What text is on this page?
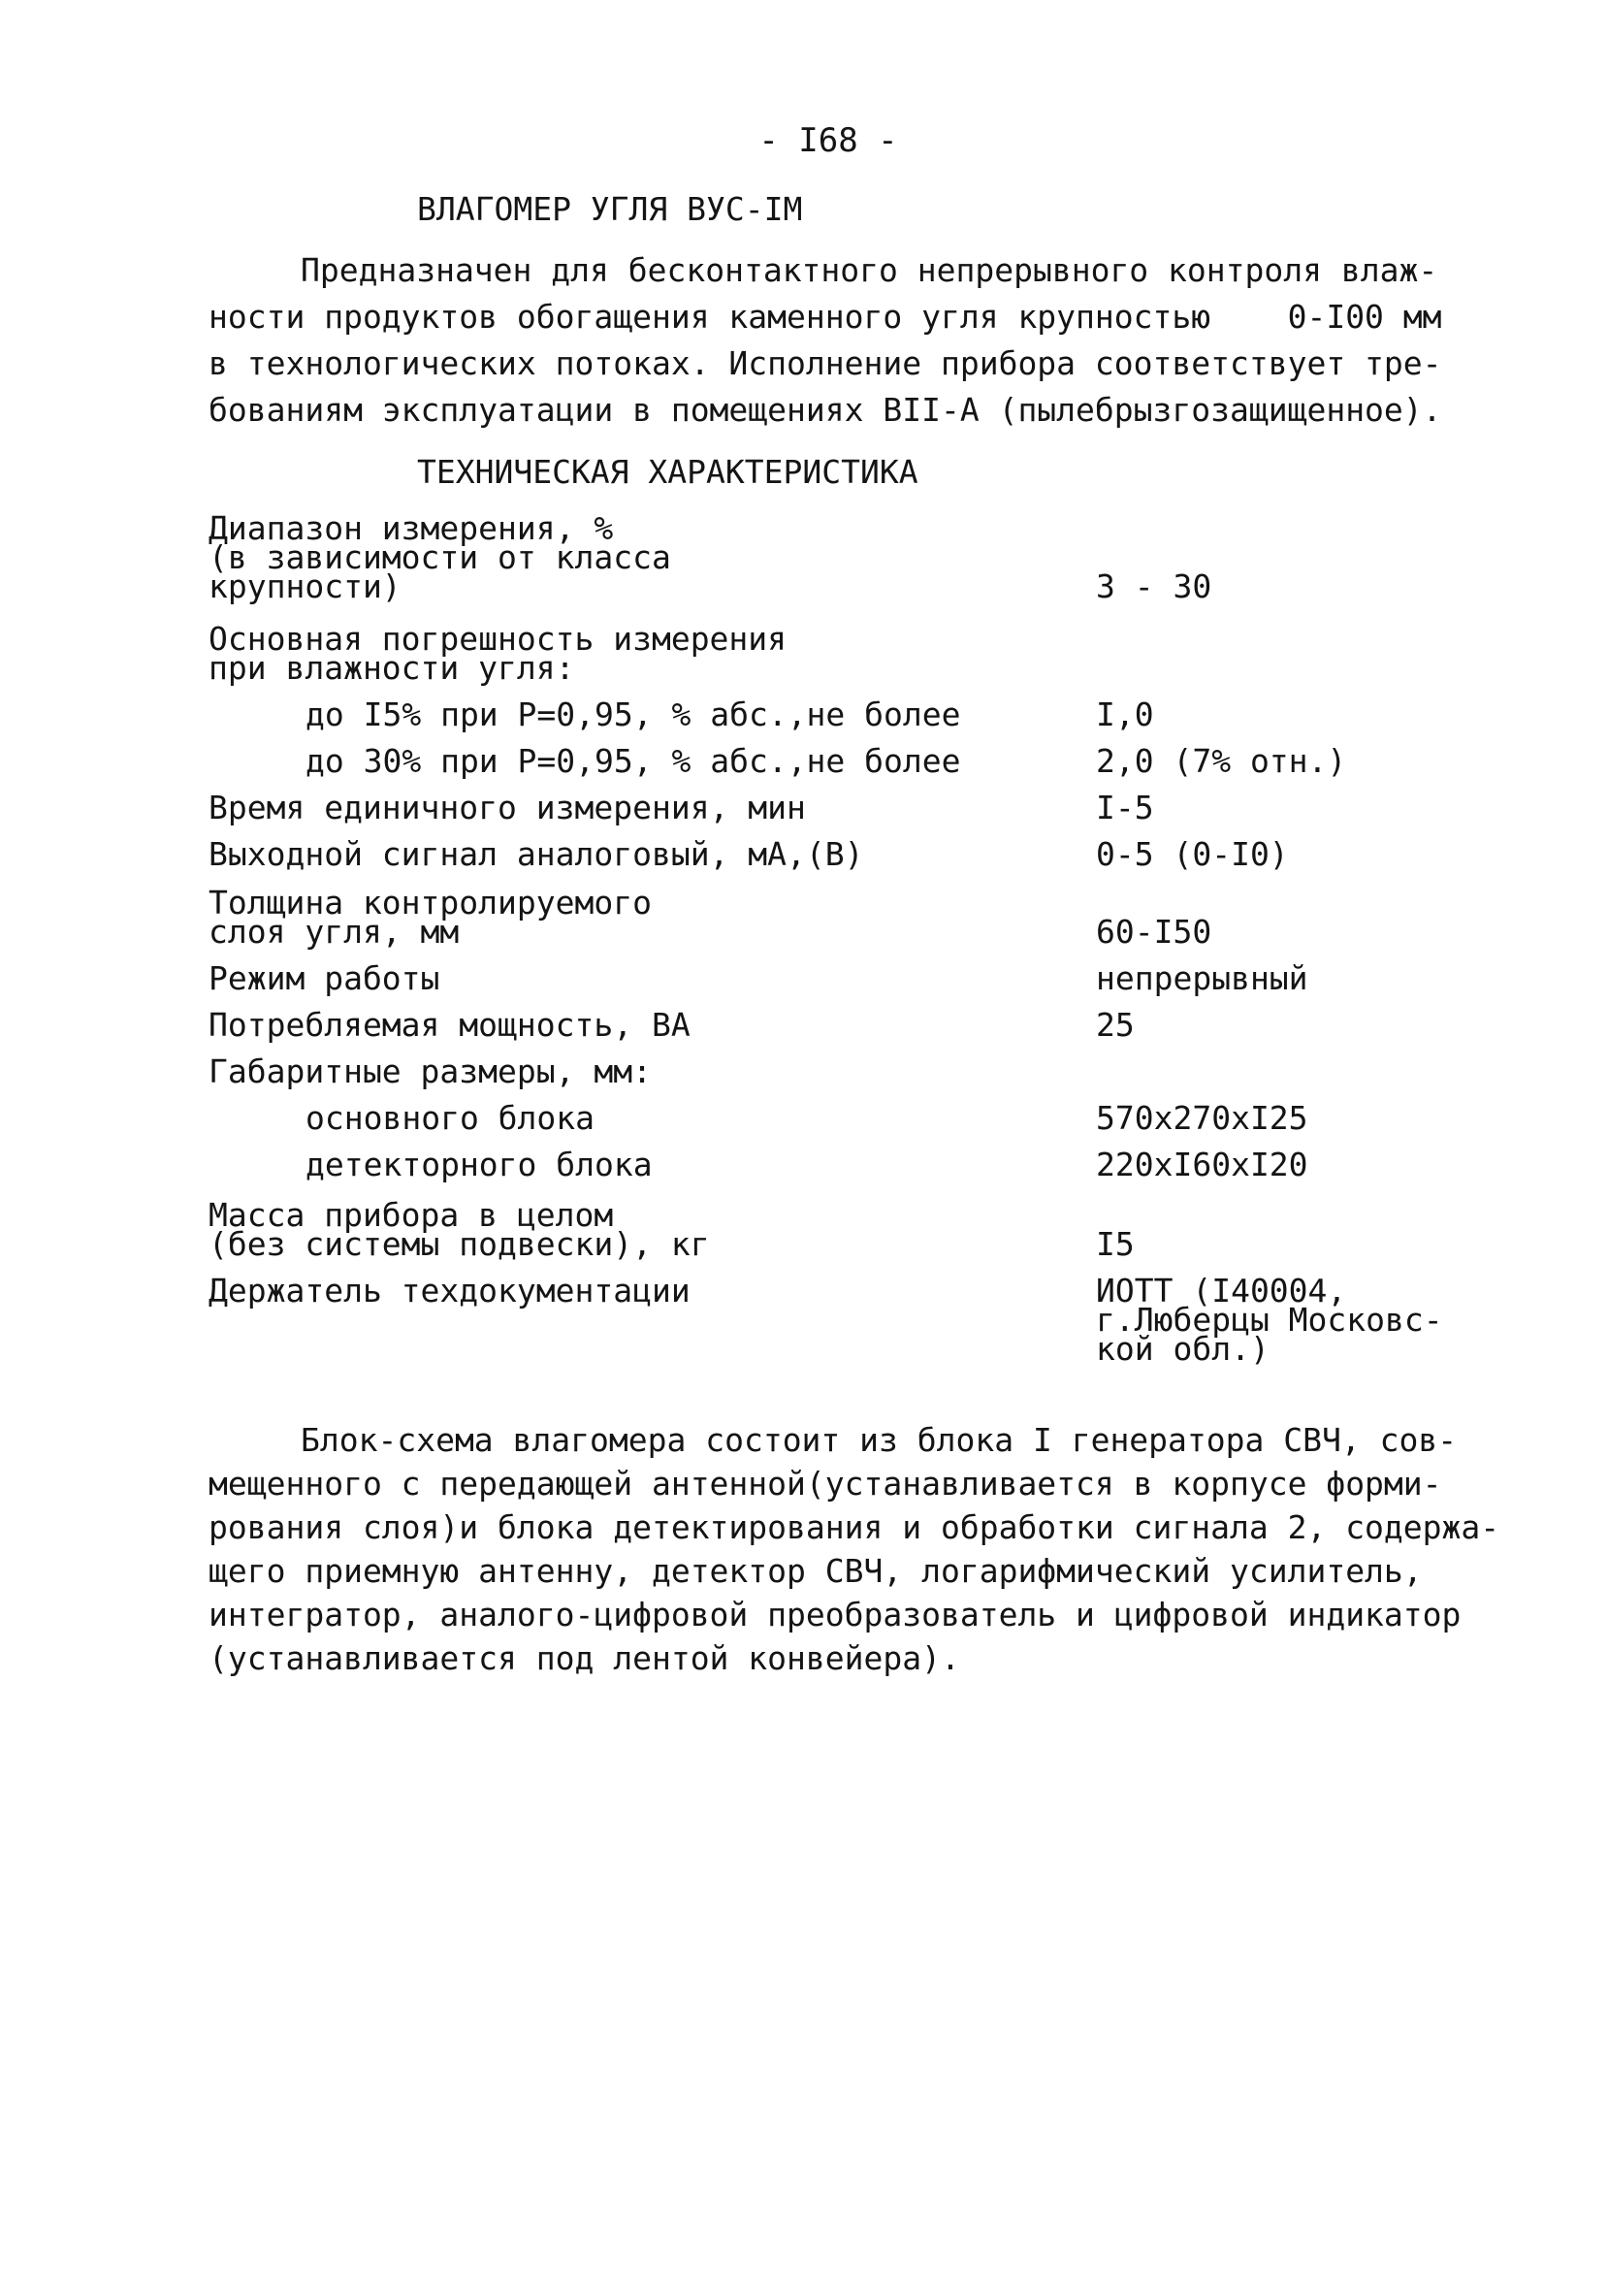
- I68 -
ВЛАГОМЕР УГЛЯ ВУС-IM
Предназначен для бесконтактного непрерывного контроля влаж-
ности продуктов обогащения каменного угля крупностью    0-I00 мм
в технологических потоках. Исполнение прибора соответствует тре-
бованиям эксплуатации в помещениях BII-A (пылебрызгозащищенное).
ТЕХНИЧЕСКАЯ ХАРАКТЕРИСТИКА
Диапазон измерения, %
(в зависимости от класса
крупности)	3 - 30
Основная погрешность измерения
при влажности угля:
до I5% при P=0,95, % абс.,не более	I,0
до 30% при P=0,95, % абс.,не более	2,0 (7% отн.)
Время единичного измерения, мин	I-5
Выходной сигнал аналоговый, мА,(В)	0-5 (0-I0)
Толщина контролируемого
слоя угля, мм	60-I50
Режим работы	непрерывный
Потребляемая мощность, ВА	25
Габаритные размеры, мм:
основного блока	570x270xI25
детекторного блока	220xI60xI20
Масса прибора в целом
(без системы подвески), кг	I5
Держатель техдокументации	ИОТТ (I40004,
г.Люберцы Московс-
кой обл.)
Блок-схема влагомера состоит из блока I генератора СВЧ, сов-
мещенного с передающей антенной(устанавливается в корпусе форми-
рования слоя)и блока детектирования и обработки сигнала 2, содержа-
щего приемную антенну, детектор СВЧ, логарифмический усилитель,
интегратор, аналого-цифровой преобразователь и цифровой индикатор
(устанавливается под лентой конвейера).
